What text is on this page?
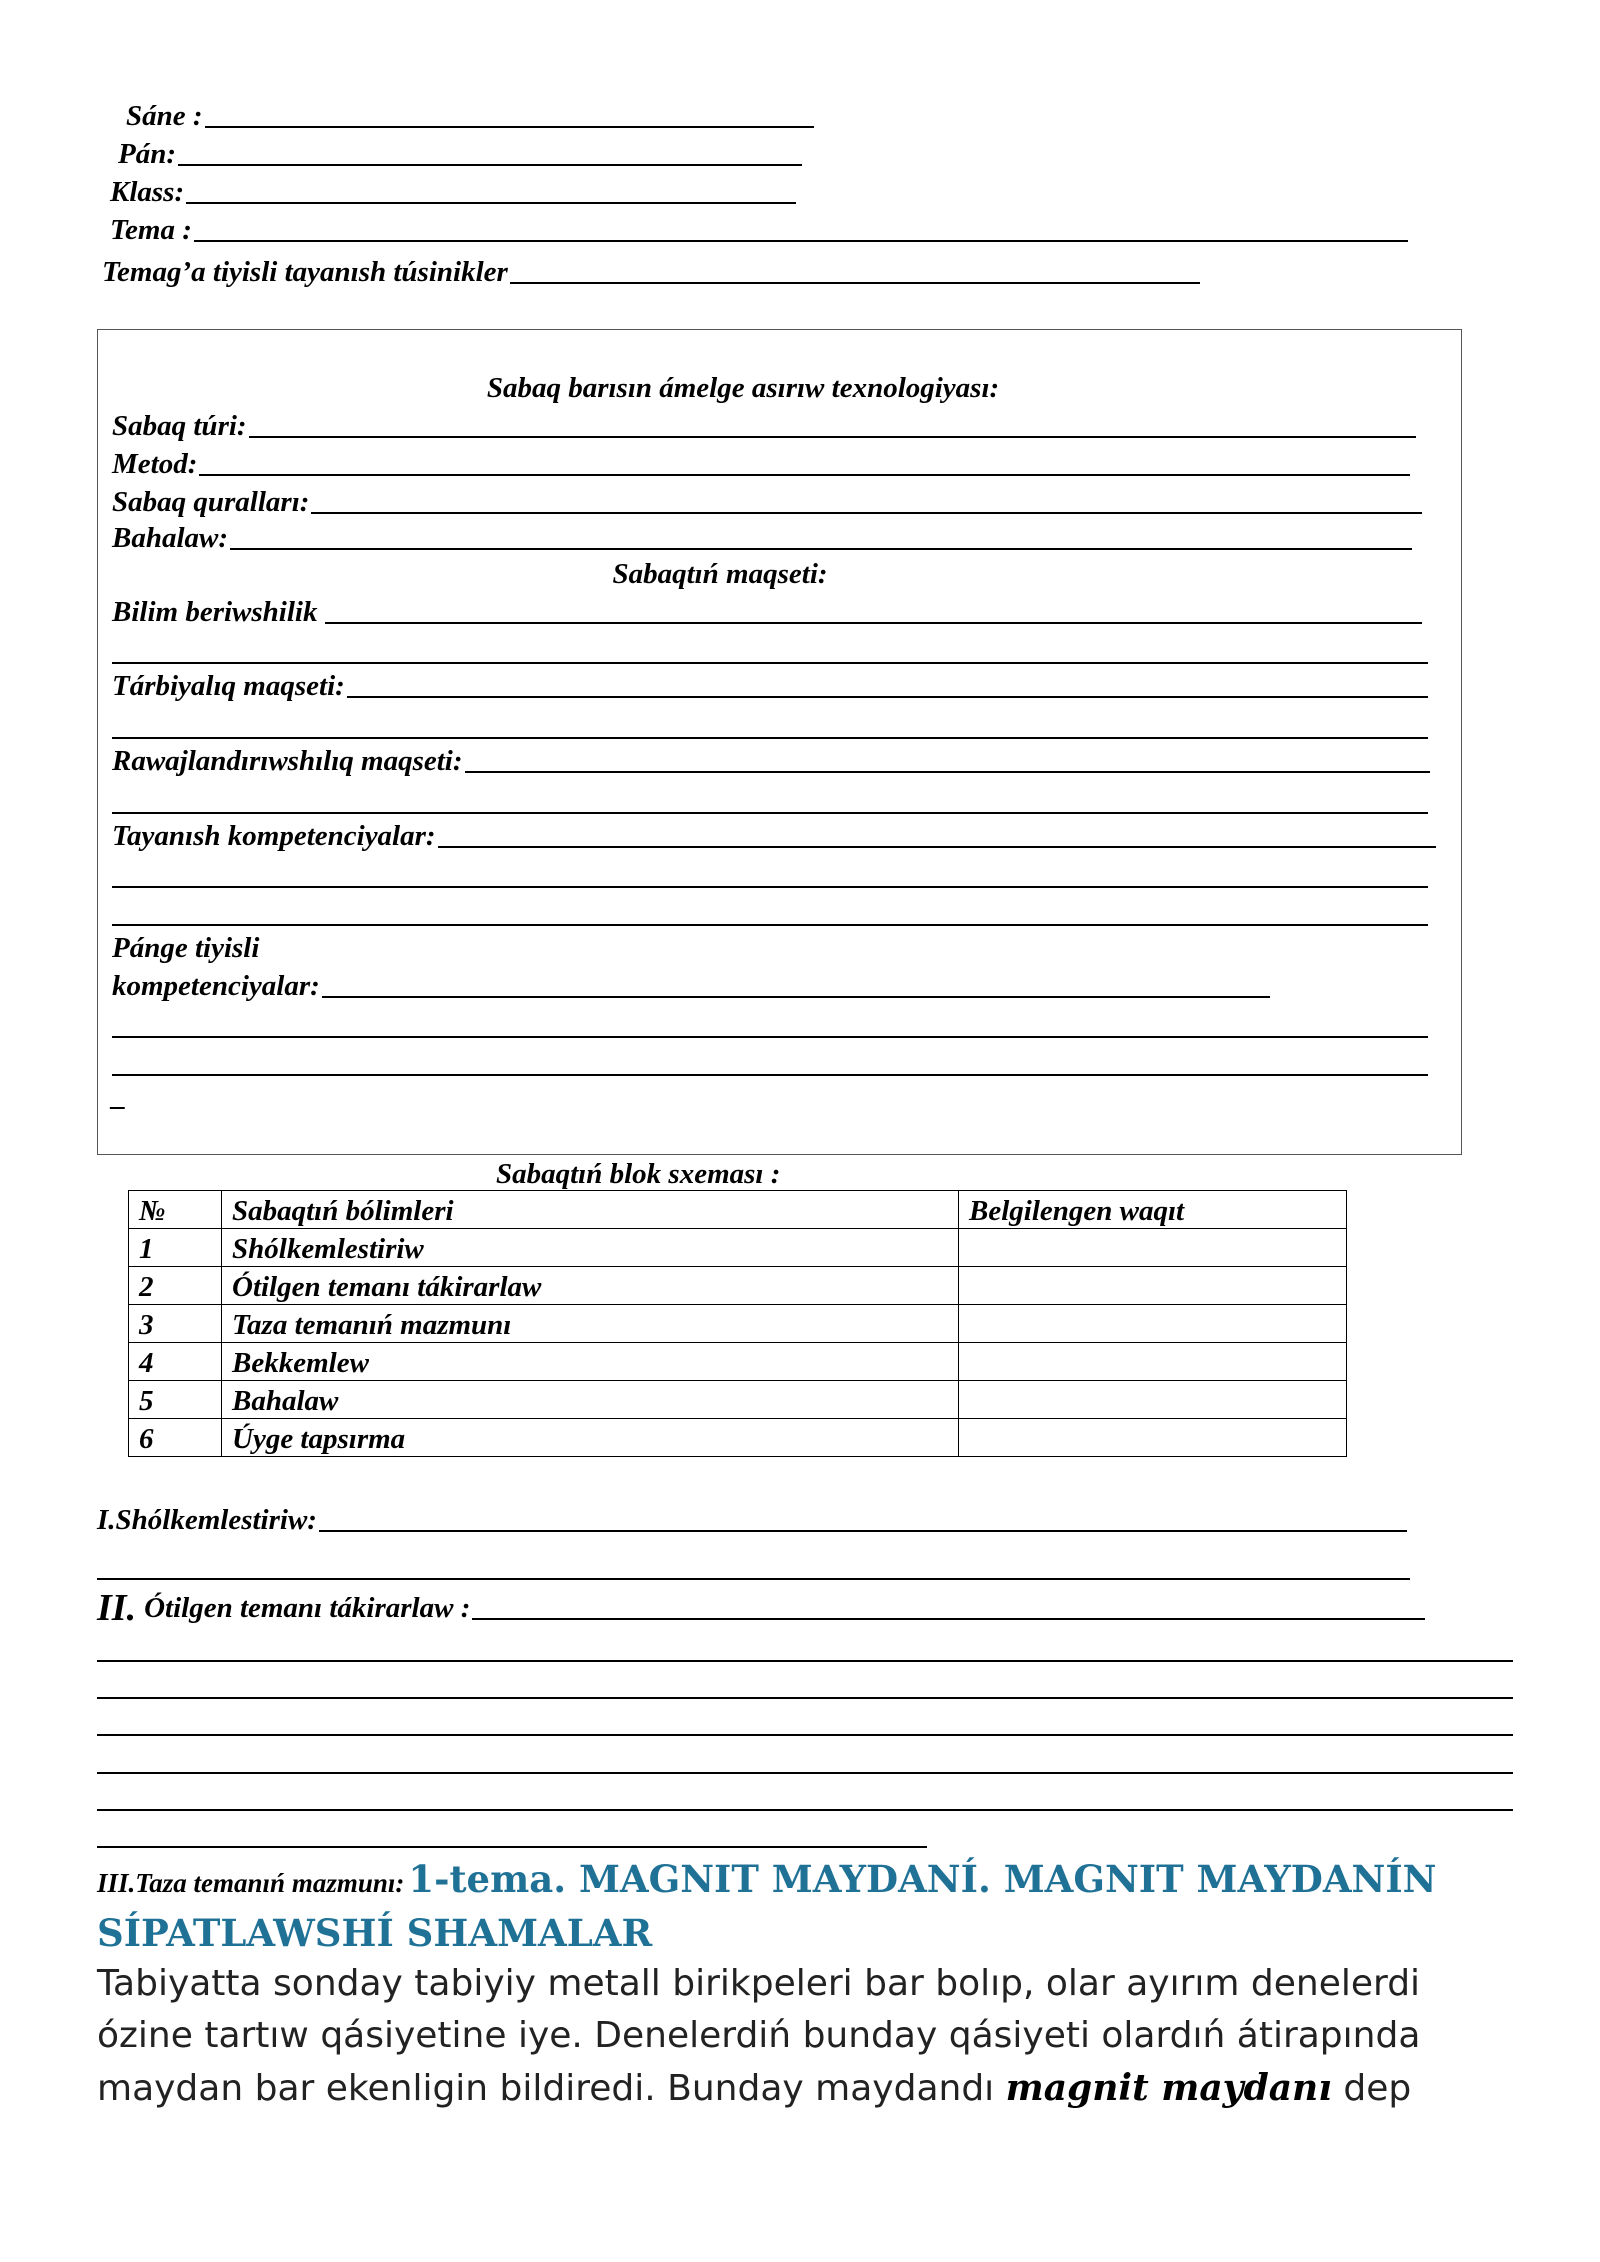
Sáne :
Pán:
Klass:
Tema :
Temag’a tiyisli tayanısh túsinikler
Sabaq barısın ámelge asırıw texnologiyası:
Sabaq túri:
Metod:
Sabaq quralları:
Bahalaw:
Sabaqtıń maqseti:
Bilim beriwshilik
Tárbiyalıq maqseti:
Rawajlandırıwshılıq maqseti:
Tayanısh kompetenciyalar:
Pánge tiyisli
kompetenciyalar:
_
Sabaqtıń blok sxeması :
№	Sabaqtıń bólimleri	Belgilengen waqıt
1	Shólkemlestiriw	
2	Ótilgen temanı tákirarlaw	
3	Taza temanıń mazmunı	
4	Bekkemlew	
5	Bahalaw	
6	Úyge tapsırma	
I.Shólkemlestiriw:
II. Ótilgen temanı tákirarlaw :
III.Taza temanıń mazmunı: 1-tema. MAGNIT MAYDANÍ. MAGNIT MAYDANÍN
SÍPATLAWSHÍ SHAMALAR
Tabiyatta sonday tabiyiy metall birikpeleri bar bolıp, olar ayırım denelerdi
ózine tartıw qásiyetine iye. Denelerdiń bunday qásiyeti olardıń átirapında
maydan bar ekenligin bildiredi. Bunday maydandı magnit maydanı dep
